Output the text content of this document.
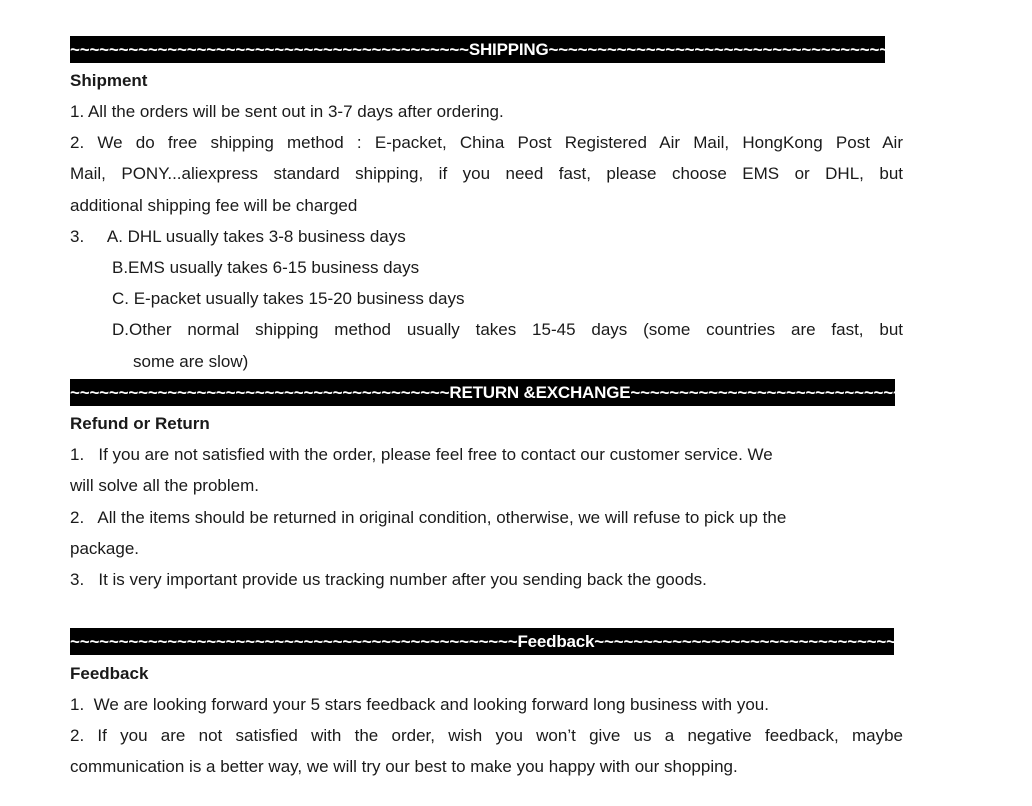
~~~~~~~~~~~~~~~~~~~~~~~~~~~~~~~~~~~~~~~~~SHIPPING~~~~~~~~~~~~~~~~~~~~~~~~~~~~~~~~~~~~~~~~~~~
Shipment
1. All the orders will be sent out in 3-7 days after ordering.
2. We do free shipping method : E-packet, China Post Registered Air Mail, HongKong Post Air
Mail, PONY...aliexpress standard shipping, if you need fast, please choose EMS or DHL, but
additional shipping fee will be charged
3.     A. DHL usually takes 3-8 business days
B.EMS usually takes 6-15 business days
C. E-packet usually takes 15-20 business days
D.Other normal shipping method usually takes 15-45 days (some countries are fast, but
some are slow)
~~~~~~~~~~~~~~~~~~~~~~~~~~~~~~~~~~~~~~~RETURN &EXCHANGE~~~~~~~~~~~~~~~~~~~~~~~~~~~~~~~~~~~~~~
Refund or Return
1.   If you are not satisfied with the order, please feel free to contact our customer service. We
will solve all the problem.
2.   All the items should be returned in original condition, otherwise, we will refuse to pick up the
package.
3.   It is very important provide us tracking number after you sending back the goods.
~~~~~~~~~~~~~~~~~~~~~~~~~~~~~~~~~~~~~~~~~~~~~~Feedback~~~~~~~~~~~~~~~~~~~~~~~~~~~~~~~~~~~~~~~~~~~~~
Feedback
1.  We are looking forward your 5 stars feedback and looking forward long business with you.
2. If you are not satisfied with the order, wish you won’t give us a negative feedback, maybe
communication is a better way, we will try our best to make you happy with our shopping.
